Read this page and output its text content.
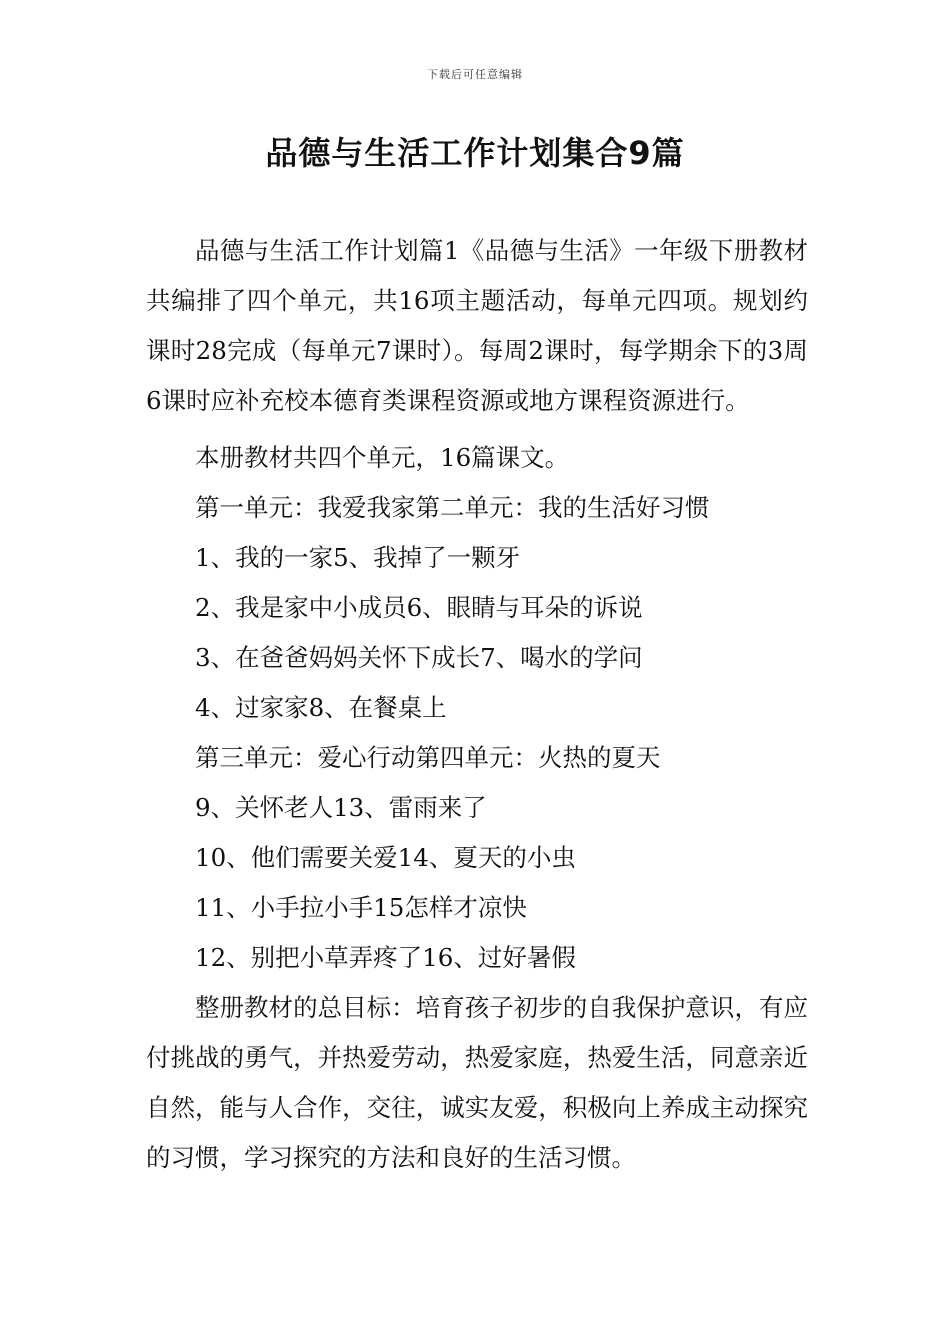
下载后可任意编辑
品德与生活工作计划集合9篇

品德与生活工作计划篇1《品德与生活》一年级下册教材共编排了四个单元，共16项主题活动，每单元四项。规划约课时28完成（每单元7课时）。每周2课时，每学期余下的3周6课时应补充校本德育类课程资源或地方课程资源进行。

本册教材共四个单元，16篇课文。

第一单元：我爱我家第二单元：我的生活好习惯

1、我的一家5、我掉了一颗牙

2、我是家中小成员6、眼睛与耳朵的诉说

3、在爸爸妈妈关怀下成长7、喝水的学问

4、过家家8、在餐桌上

第三单元：爱心行动第四单元：火热的夏天

9、关怀老人13、雷雨来了

10、他们需要关爱14、夏天的小虫

11、小手拉小手15怎样才凉快

12、别把小草弄疼了16、过好暑假

整册教材的总目标：培育孩子初步的自我保护意识，有应付挑战的勇气，并热爱劳动，热爱家庭，热爱生活，同意亲近自然，能与人合作，交往，诚实友爱，积极向上养成主动探究的习惯，学习探究的方法和良好的生活习惯。
